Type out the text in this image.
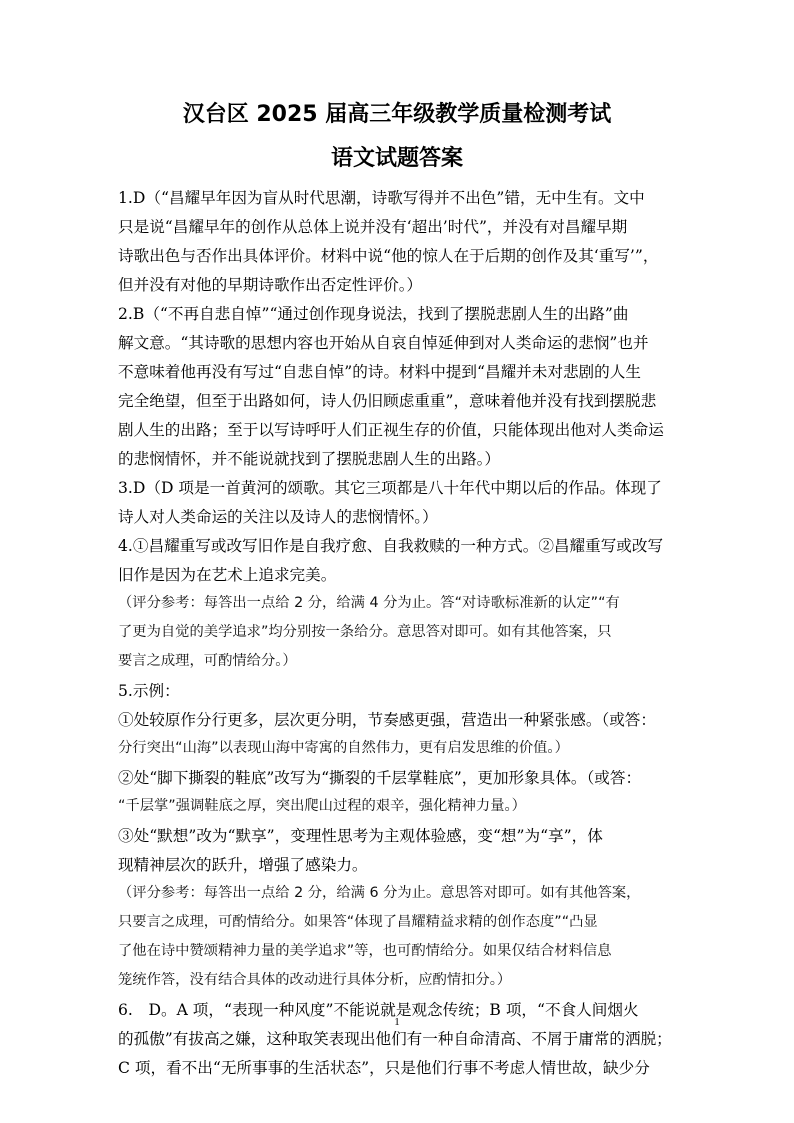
汉台区 2025 届高三年级教学质量检测考试
语文试题答案
1.D（“昌耀早年因为盲从时代思潮，诗歌写得并不出色”错，无中生有。文中
只是说“昌耀早年的创作从总体上说并没有‘超出’时代”，并没有对昌耀早期
诗歌出色与否作出具体评价。材料中说“他的惊人在于后期的创作及其‘重写’”，
但并没有对他的早期诗歌作出否定性评价。）
2.B（“不再自悲自悼”“通过创作现身说法，找到了摆脱悲剧人生的出路”曲
解文意。“其诗歌的思想内容也开始从自哀自悼延伸到对人类命运的悲悯”也并
不意味着他再没有写过“自悲自悼”的诗。材料中提到“昌耀并未对悲剧的人生
完全绝望，但至于出路如何，诗人仍旧顾虑重重”，意味着他并没有找到摆脱悲
剧人生的出路；至于以写诗呼吁人们正视生存的价值，只能体现出他对人类命运
的悲悯情怀，并不能说就找到了摆脱悲剧人生的出路。）
3.D（D 项是一首黄河的颂歌。其它三项都是八十年代中期以后的作品。体现了
诗人对人类命运的关注以及诗人的悲悯情怀。）
4.①昌耀重写或改写旧作是自我疗愈、自我救赎的一种方式。②昌耀重写或改写
旧作是因为在艺术上追求完美。
（评分参考：每答出一点给 2 分，给满 4 分为止。答“对诗歌标准新的认定”“有
了更为自觉的美学追求”均分别按一条给分。意思答对即可。如有其他答案，只
要言之成理，可酌情给分。）
5.示例：
①处较原作分行更多，层次更分明，节奏感更强，营造出一种紧张感。（或答：
分行突出“山海”以表现山海中寄寓的自然伟力，更有启发思维的价值。）
②处“脚下撕裂的鞋底”改写为“撕裂的千层掌鞋底”，更加形象具体。（或答：
“千层掌”强调鞋底之厚，突出爬山过程的艰辛，强化精神力量。）
③处“默想”改为“默享”，变理性思考为主观体验感，变“想”为“享”，体
现精神层次的跃升，增强了感染力。
（评分参考：每答出一点给 2 分，给满 6 分为止。意思答对即可。如有其他答案，
只要言之成理，可酌情给分。如果答“体现了昌耀精益求精的创作态度”“凸显
了他在诗中赞颂精神力量的美学追求”等，也可酌情给分。如果仅结合材料信息
笼统作答，没有结合具体的改动进行具体分析，应酌情扣分。）
6.　D。A 项，“表现一种风度”不能说就是观念传统；B 项，“不食人间烟火
的孤傲”有拔高之嫌，这种取笑表现出他们有一种自命清高、不屑于庸常的洒脱；
C 项，看不出“无所事事的生活状态”，只是他们行事不考虑人情世故，缺少分
1
